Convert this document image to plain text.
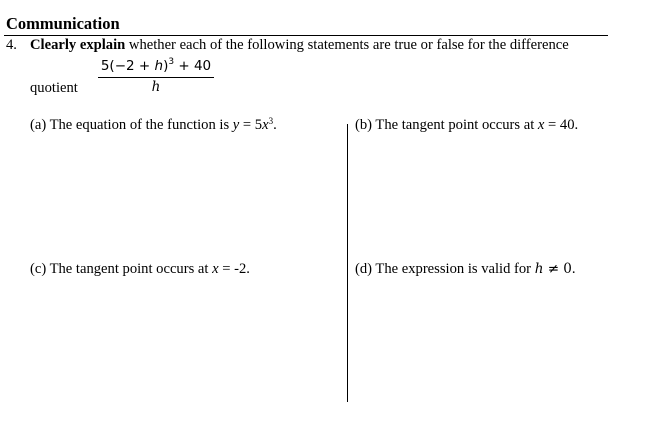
Communication
4. Clearly explain whether each of the following statements are true or false for the difference
quotient
$5(-2 + h)^3 + 40$
h
(a) The equation of the function is $y = 5x^3$.	(b) The tangent point occurs at x = 40.
(c) The tangent point occurs at x = -2.	(d) The expression is valid for h ≠ 0.
